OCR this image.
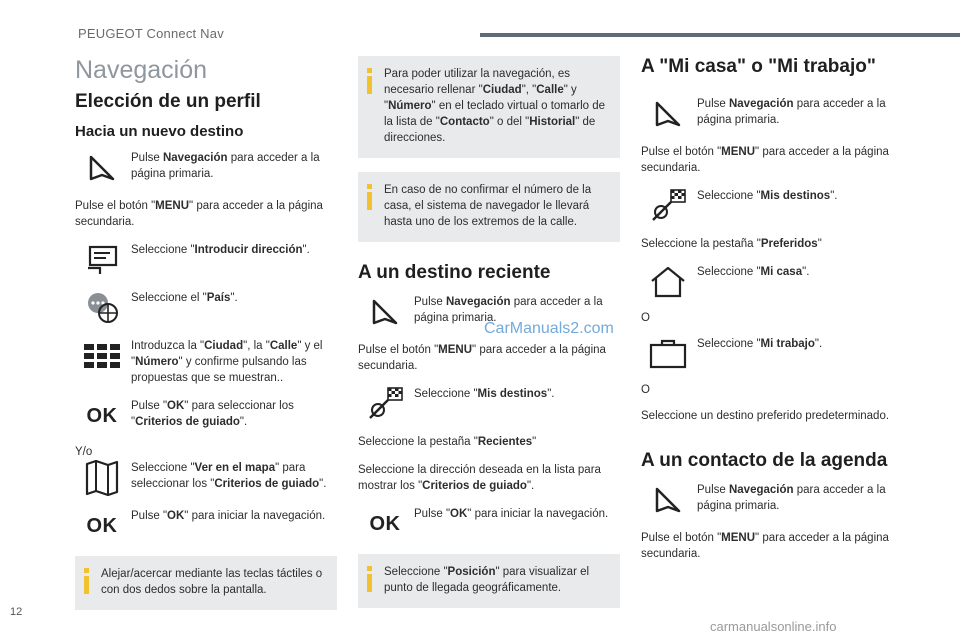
PEUGEOT Connect Nav
Navegación
Elección de un perfil
Hacia un nuevo destino
Pulse Navegación para acceder a la página primaria.

Pulse el botón "MENU" para acceder a la página secundaria.

Seleccione "Introducir dirección".
Seleccione el "País".
Introduzca la "Ciudad", la "Calle" y el "Número" y confirme pulsando las propuestas que se muestran..
OK Pulse "OK" para seleccionar los "Criterios de guiado".
Y/o
Seleccione "Ver en el mapa" para seleccionar los "Criterios de guiado".
OK Pulse "OK" para iniciar la navegación.
Alejar/acercar mediante las teclas táctiles o con dos dedos sobre la pantalla.
Para poder utilizar la navegación, es necesario rellenar "Ciudad", "Calle" y "Número" en el teclado virtual o tomarlo de la lista de "Contacto" o del "Historial" de direcciones.
En caso de no confirmar el número de la casa, el sistema de navegador le llevará hasta uno de los extremos de la calle.
A un destino reciente
Pulse Navegación para acceder a la página primaria.

Pulse el botón "MENU" para acceder a la página secundaria.

Seleccione "Mis destinos".

Seleccione la pestaña "Recientes"

Seleccione la dirección deseada en la lista para mostrar los "Criterios de guiado".

OK Pulse "OK" para iniciar la navegación.
Seleccione "Posición" para visualizar el punto de llegada geográficamente.
A "Mi casa" o "Mi trabajo"
Pulse Navegación para acceder a la página primaria.

Pulse el botón "MENU" para acceder a la página secundaria.

Seleccione "Mis destinos".

Seleccione la pestaña "Preferidos"

Seleccione "Mi casa".
O
Seleccione "Mi trabajo".
O

Seleccione un destino preferido predeterminado.

A un contacto de la agenda
Pulse Navegación para acceder a la página primaria.

Pulse el botón "MENU" para acceder a la página secundaria.

12
CarManuals2.com
carmanualsonline.info
